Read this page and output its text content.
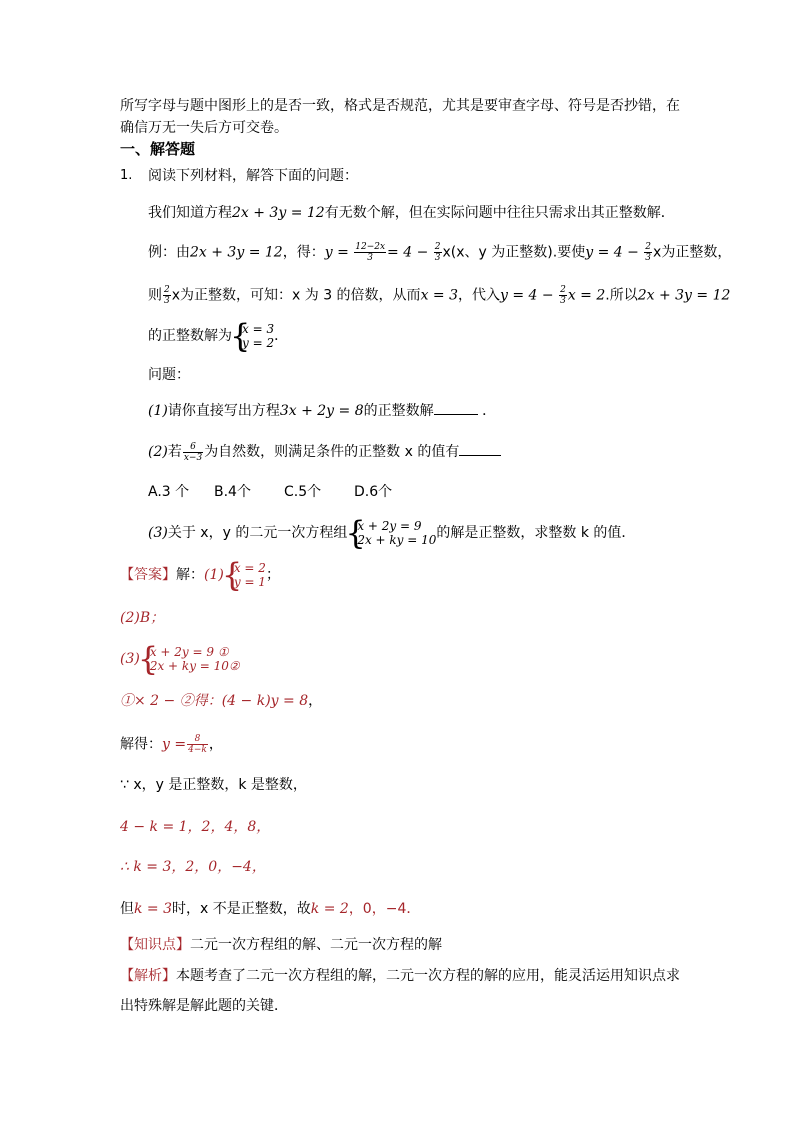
所写字母与题中图形上的是否一致，格式是否规范，尤其是要审查字母、符号是否抄错，在
确信万无一失后方可交卷。
一、解答题
1. 阅读下列材料，解答下面的问题：
我们知道方程2x + 3y = 12有无数个解，但在实际问题中往往只需求出其正整数解．
例：由2x + 3y = 12，得：$y = \frac{12-2x}{3} = 4 - \frac{2}{3} x(x$、y 为正整数).要使$y = 4 - \frac{2}{3}$ x为正整数，
则 $\frac{2}{3}$ x为正整数，可知：x 为 3 的倍数，从而x = 3，代入$y = 4 - \frac{2}{3}$ x = 2.所以2x + 3y = 12
的正整数解为 { x = 3
y = 2 ．
问题：
(1)请你直接写出方程3x + 2y = 8的正整数解	．
(2)若 $\frac{6}{x-3}$ 为自然数，则满足条件的正整数 x 的值有
A.3 个 B.4个 C.5个 D.6个
(3)关于 x，y 的二元一次方程组 { x + 2y = 9
2x + ky = 10 的解是正整数，求整数 k 的值．
【答案】解：(1) { x = 2
y = 1 ；
(2)B；
(3) { x + 2y = 9 ①
2x + ky = 10②
①× 2 − ②得：(4 − k)y = 8，
解得：$y = \frac{8}{4-k}$ ，
∵ x，y 是正整数，k 是整数，
4 − k = 1，2，4，8，
∴ k = 3，2，0，−4，
但k = 3时，x 不是正整数，故k = 2，0，−4．
【知识点】二元一次方程组的解、二元一次方程的解
【解析】本题考查了二元一次方程组的解，二元一次方程的解的应用，能灵活运用知识点求
出特殊解是解此题的关键．
